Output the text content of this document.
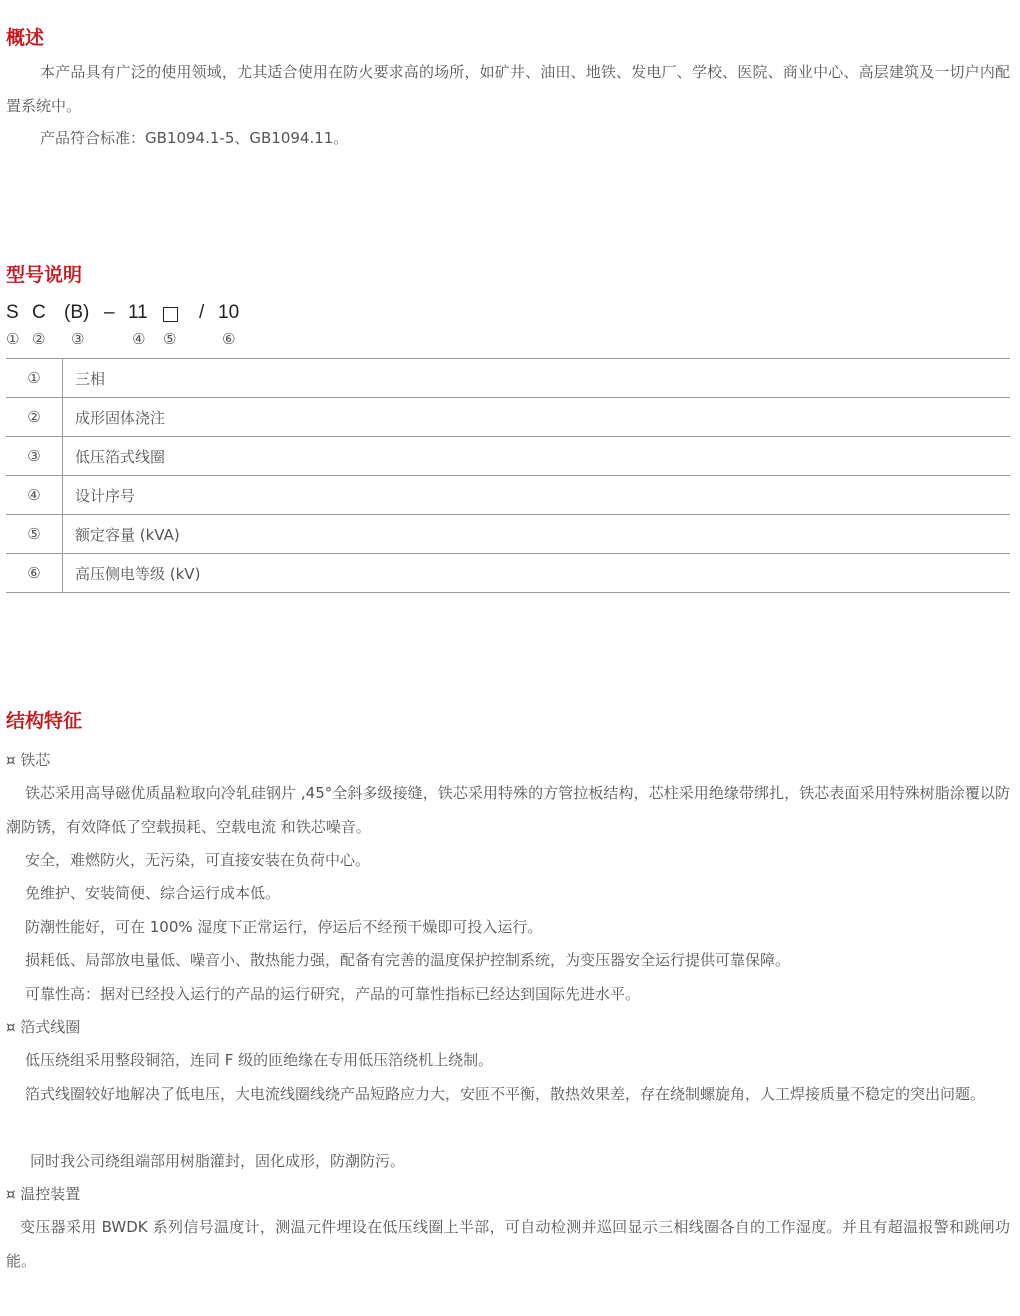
概述

本产品具有广泛的使用领域，尤其适合使用在防火要求高的场所，如矿井、油田、地铁、发电厂、学校、医院、商业中心、高层建筑及一切户内配置系统中。

产品符合标准：GB1094.1-5、GB1094.11。

型号说明
S C (B) – 11	/ 10
① ② ③	④ ⑤	⑥
①	三相
②	成形固体浇注
③	低压箔式线圈
④	设计序号
⑤	额定容量 (kVA)
⑥	高压侧电等级 (kV)
结构特征

¤ 铁芯

铁芯采用高导磁优质晶粒取向冷轧硅钢片 ,45°全斜多级接缝，铁芯采用特殊的方管拉板结构，芯柱采用绝缘带绑扎，铁芯表面采用特殊树脂涂覆以防潮防锈，有效降低了空载损耗、空载电流 和铁芯噪音。

安全，难燃防火，无污染，可直接安装在负荷中心。

免维护、安装简便、综合运行成本低。

防潮性能好，可在 100% 湿度下正常运行，停运后不经预干燥即可投入运行。

损耗低、局部放电量低、噪音小、散热能力强，配备有完善的温度保护控制系统，为变压器安全运行提供可靠保障。

可靠性高：据对已经投入运行的产品的运行研究，产品的可靠性指标已经达到国际先进水平。

¤ 箔式线圈

低压绕组采用整段铜箔，连同 F 级的匝绝缘在专用低压箔绕机上绕制。

箔式线圈较好地解决了低电压，大电流线圈线绕产品短路应力大，安匝不平衡，散热效果差，存在绕制螺旋角，人工焊接质量不稳定的突出问题。

同时我公司绕组端部用树脂灌封，固化成形，防潮防污。

¤ 温控装置

变压器采用 BWDK 系列信号温度计，测温元件埋设在低压线圈上半部，可自动检测并巡回显示三相线圈各自的工作湿度。并且有超温报警和跳闸功能。
